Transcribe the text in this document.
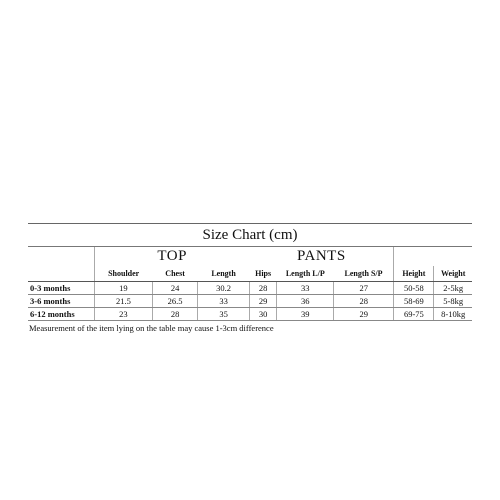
Size Chart (cm)								
	TOP			PANTS				
	Shoulder	Chest	Length	Hips	Length L/P	Length S/P	Height	Weight
0-3 months	19	24	30.2	28	33	27	50-58	2-5kg
3-6 months	21.5	26.5	33	29	36	28	58-69	5-8kg
6-12 months	23	28	35	30	39	29	69-75	8-10kg
Measurement of the item lying on the table may cause 1-3cm difference
